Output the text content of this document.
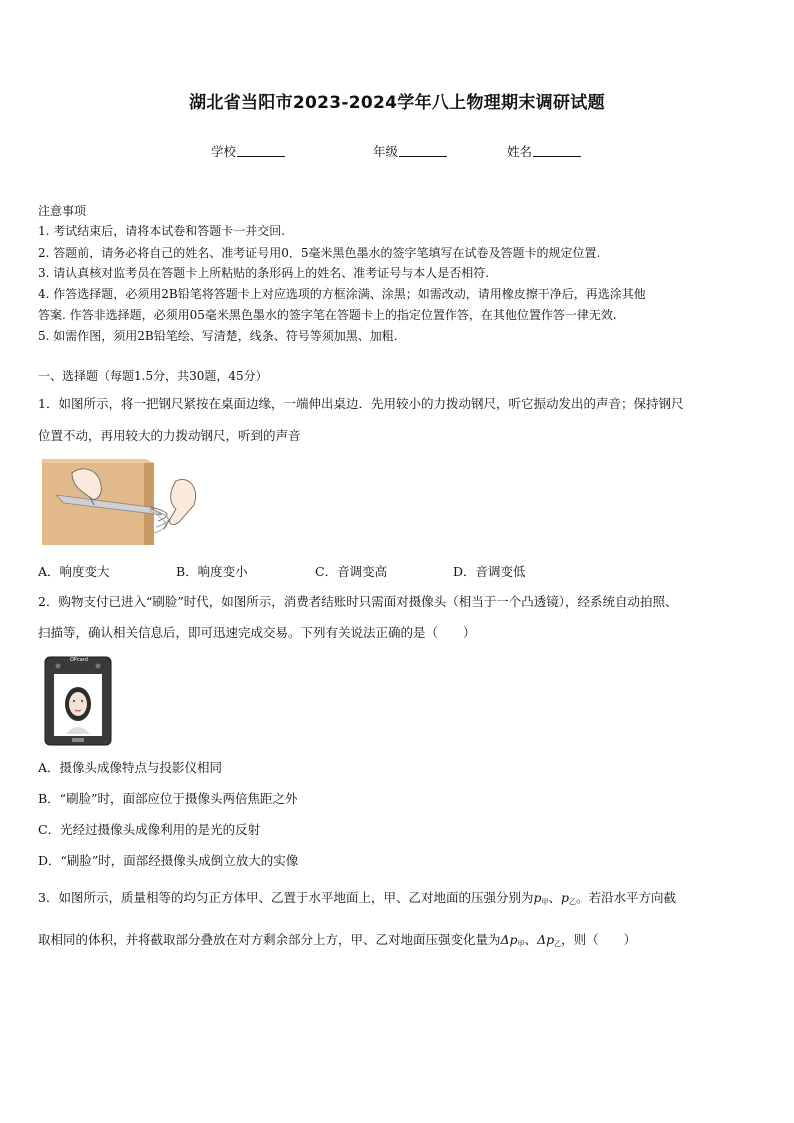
湖北省当阳市2023-2024学年八上物理期末调研试题
学校	年级	姓名
注意事项
1. 考试结束后，请将本试卷和答题卡一并交回.
2. 答题前，请务必将自己的姓名、准考证号用0．5毫米黑色墨水的签字笔填写在试卷及答题卡的规定位置.
3. 请认真核对监考员在答题卡上所粘贴的条形码上的姓名、准考证号与本人是否相符.
4. 作答选择题，必须用2B铅笔将答题卡上对应选项的方框涂满、涂黑；如需改动，请用橡皮擦干净后，再选涂其他
答案. 作答非选择题，必须用05毫米黑色墨水的签字笔在答题卡上的指定位置作答，在其他位置作答一律无效.
5. 如需作图，须用2B铅笔绘、写清楚，线条、符号等须加黑、加粗.
一、选择题（每题1.5分，共30题，45分）
1．如图所示，将一把钢尺紧按在桌面边缘，一端伸出桌边．先用较小的力拨动钢尺，听它振动发出的声音；保持钢尺
位置不动，再用较大的力拨动钢尺，听到的声音
A．响度变大	B．响度变小	C．音调变高	D．音调变低
2．购物支付已进入“刷脸”时代，如图所示，消费者结账时只需面对摄像头（相当于一个凸透镜），经系统自动拍照、
扫描等，确认相关信息后，即可迅速完成交易。下列有关说法正确的是（　　）
OPcard
A．摄像头成像特点与投影仪相同
B．“刷脸”时，面部应位于摄像头两倍焦距之外
C．光经过摄像头成像利用的是光的反射
D．“刷脸”时，面部经摄像头成倒立放大的实像
3．如图所示，质量相等的均匀正方体甲、乙置于水平地面上，甲、乙对地面的压强分别为$p_甲$、$p_乙$。若沿水平方向截
取相同的体积，并将截取部分叠放在对方剩余部分上方，甲、乙对地面压强变化量为$\Delta p_甲$、$\Delta p_乙$，则（　　）
